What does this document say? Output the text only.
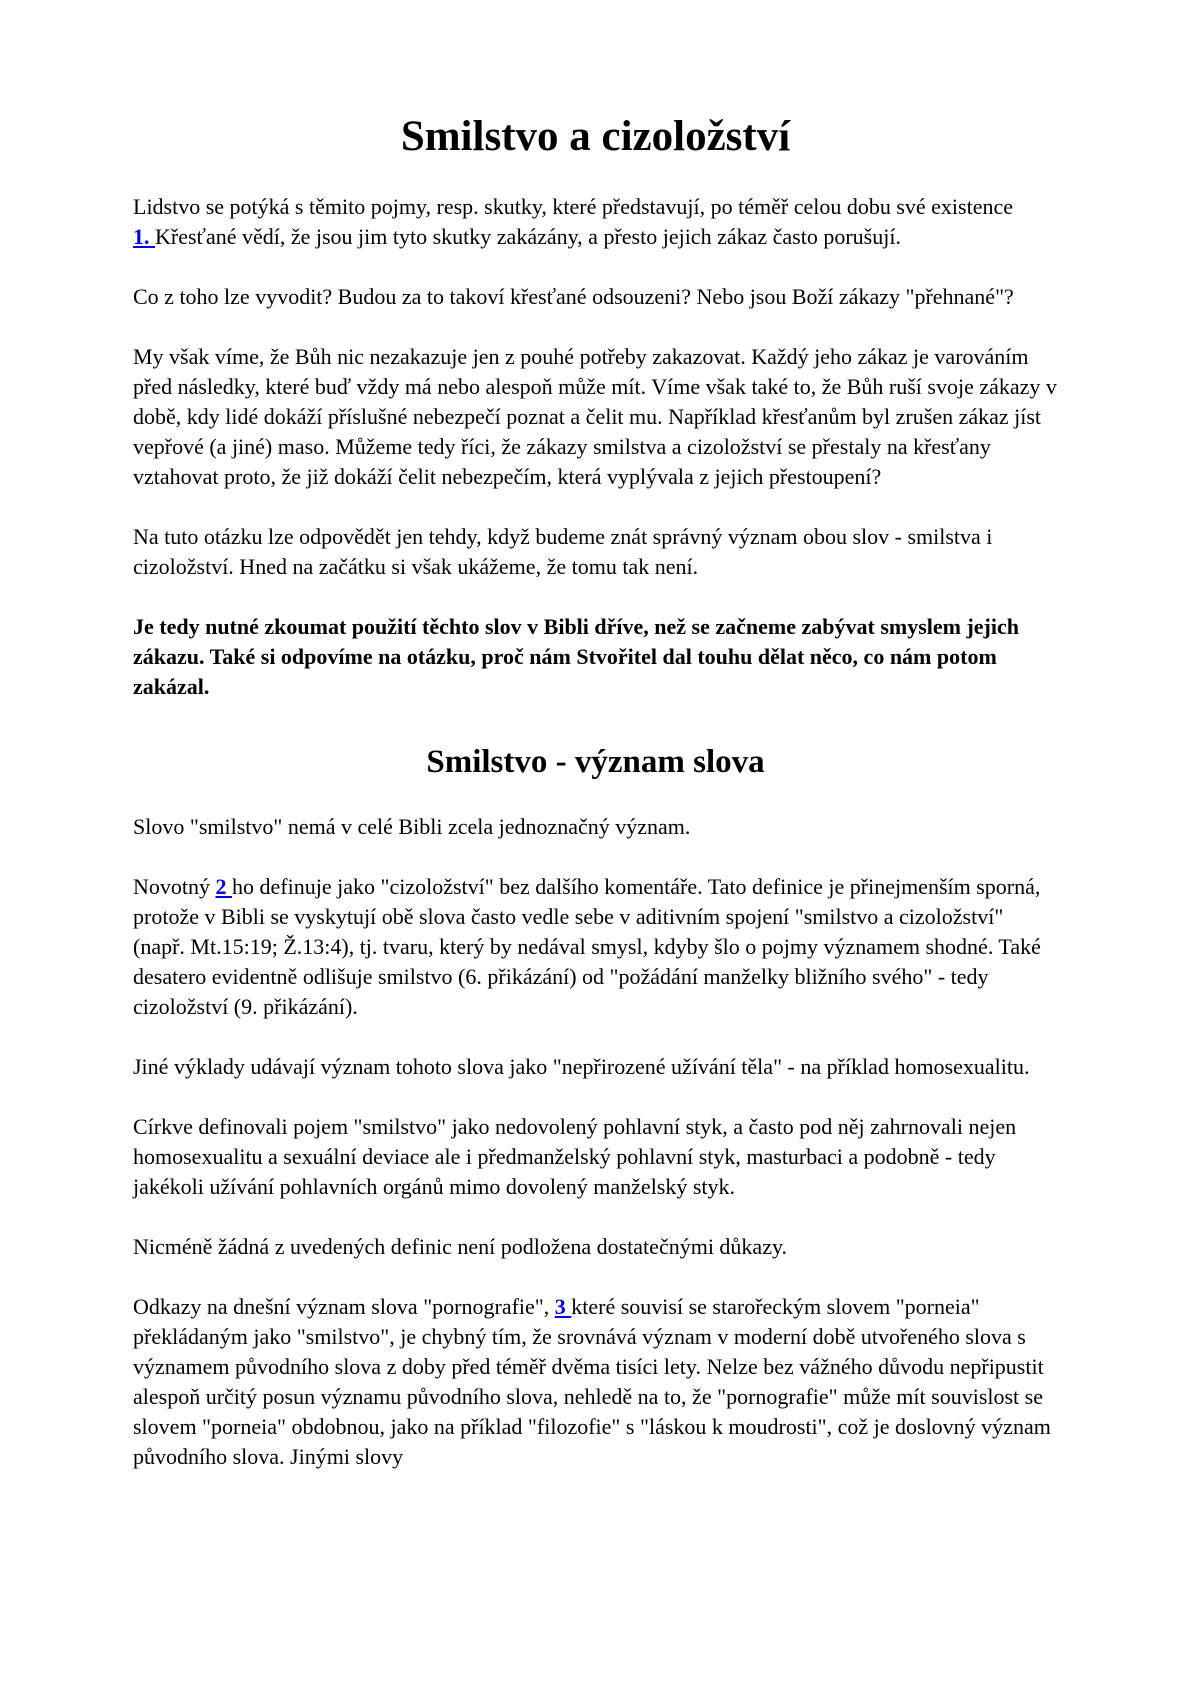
Smilstvo a cizoložství

Lidstvo se potýká s těmito pojmy, resp. skutky, které představují, po téměř celou dobu své existence 1. Křesťané vědí, že jsou jim tyto skutky zakázány, a přesto jejich zákaz často porušují.

Co z toho lze vyvodit? Budou za to takoví křesťané odsouzeni? Nebo jsou Boží zákazy "přehnané"?

My však víme, že Bůh nic nezakazuje jen z pouhé potřeby zakazovat. Každý jeho zákaz je varováním před následky, které buď vždy má nebo alespoň může mít. Víme však také to, že Bůh ruší svoje zákazy v době, kdy lidé dokáží příslušné nebezpečí poznat a čelit mu. Například křesťanům byl zrušen zákaz jíst vepřové (a jiné) maso. Můžeme tedy říci, že zákazy smilstva a cizoložství se přestaly na křesťany vztahovat proto, že již dokáží čelit nebezpečím, která vyplývala z jejich přestoupení?

Na tuto otázku lze odpovědět jen tehdy, když budeme znát správný význam obou slov - smilstva i cizoložství. Hned na začátku si však ukážeme, že tomu tak není.

Je tedy nutné zkoumat použití těchto slov v Bibli dříve, než se začneme zabývat smyslem jejich zákazu. Také si odpovíme na otázku, proč nám Stvořitel dal touhu dělat něco, co nám potom zakázal.

Smilstvo - význam slova

Slovo "smilstvo" nemá v celé Bibli zcela jednoznačný význam.

Novotný 2 ho definuje jako "cizoložství" bez dalšího komentáře. Tato definice je přinejmenším sporná, protože v Bibli se vyskytují obě slova často vedle sebe v aditivním spojení "smilstvo a cizoložství" (např. Mt.15:19; Ž.13:4), tj. tvaru, který by nedával smysl, kdyby šlo o pojmy významem shodné. Také desatero evidentně odlišuje smilstvo (6. přikázání) od "požádání manželky bližního svého" - tedy cizoložství (9. přikázání).

Jiné výklady udávají význam tohoto slova jako "nepřirozené užívání těla" - na příklad homosexualitu.

Církve definovali pojem "smilstvo" jako nedovolený pohlavní styk, a často pod něj zahrnovali nejen homosexualitu a sexuální deviace ale i předmanželský pohlavní styk, masturbaci a podobně - tedy jakékoli užívání pohlavních orgánů mimo dovolený manželský styk.

Nicméně žádná z uvedených definic není podložena dostatečnými důkazy.

Odkazy na dnešní význam slova "pornografie", 3 které souvisí se starořeckým slovem "porneia" překládaným jako "smilstvo", je chybný tím, že srovnává význam v moderní době utvořeného slova s významem původního slova z doby před téměř dvěma tisíci lety. Nelze bez vážného důvodu nepřipustit alespoň určitý posun významu původního slova, nehledě na to, že "pornografie" může mít souvislost se slovem "porneia" obdobnou, jako na příklad "filozofie" s "láskou k moudrosti", což je doslovný význam původního slova. Jinými slovy
